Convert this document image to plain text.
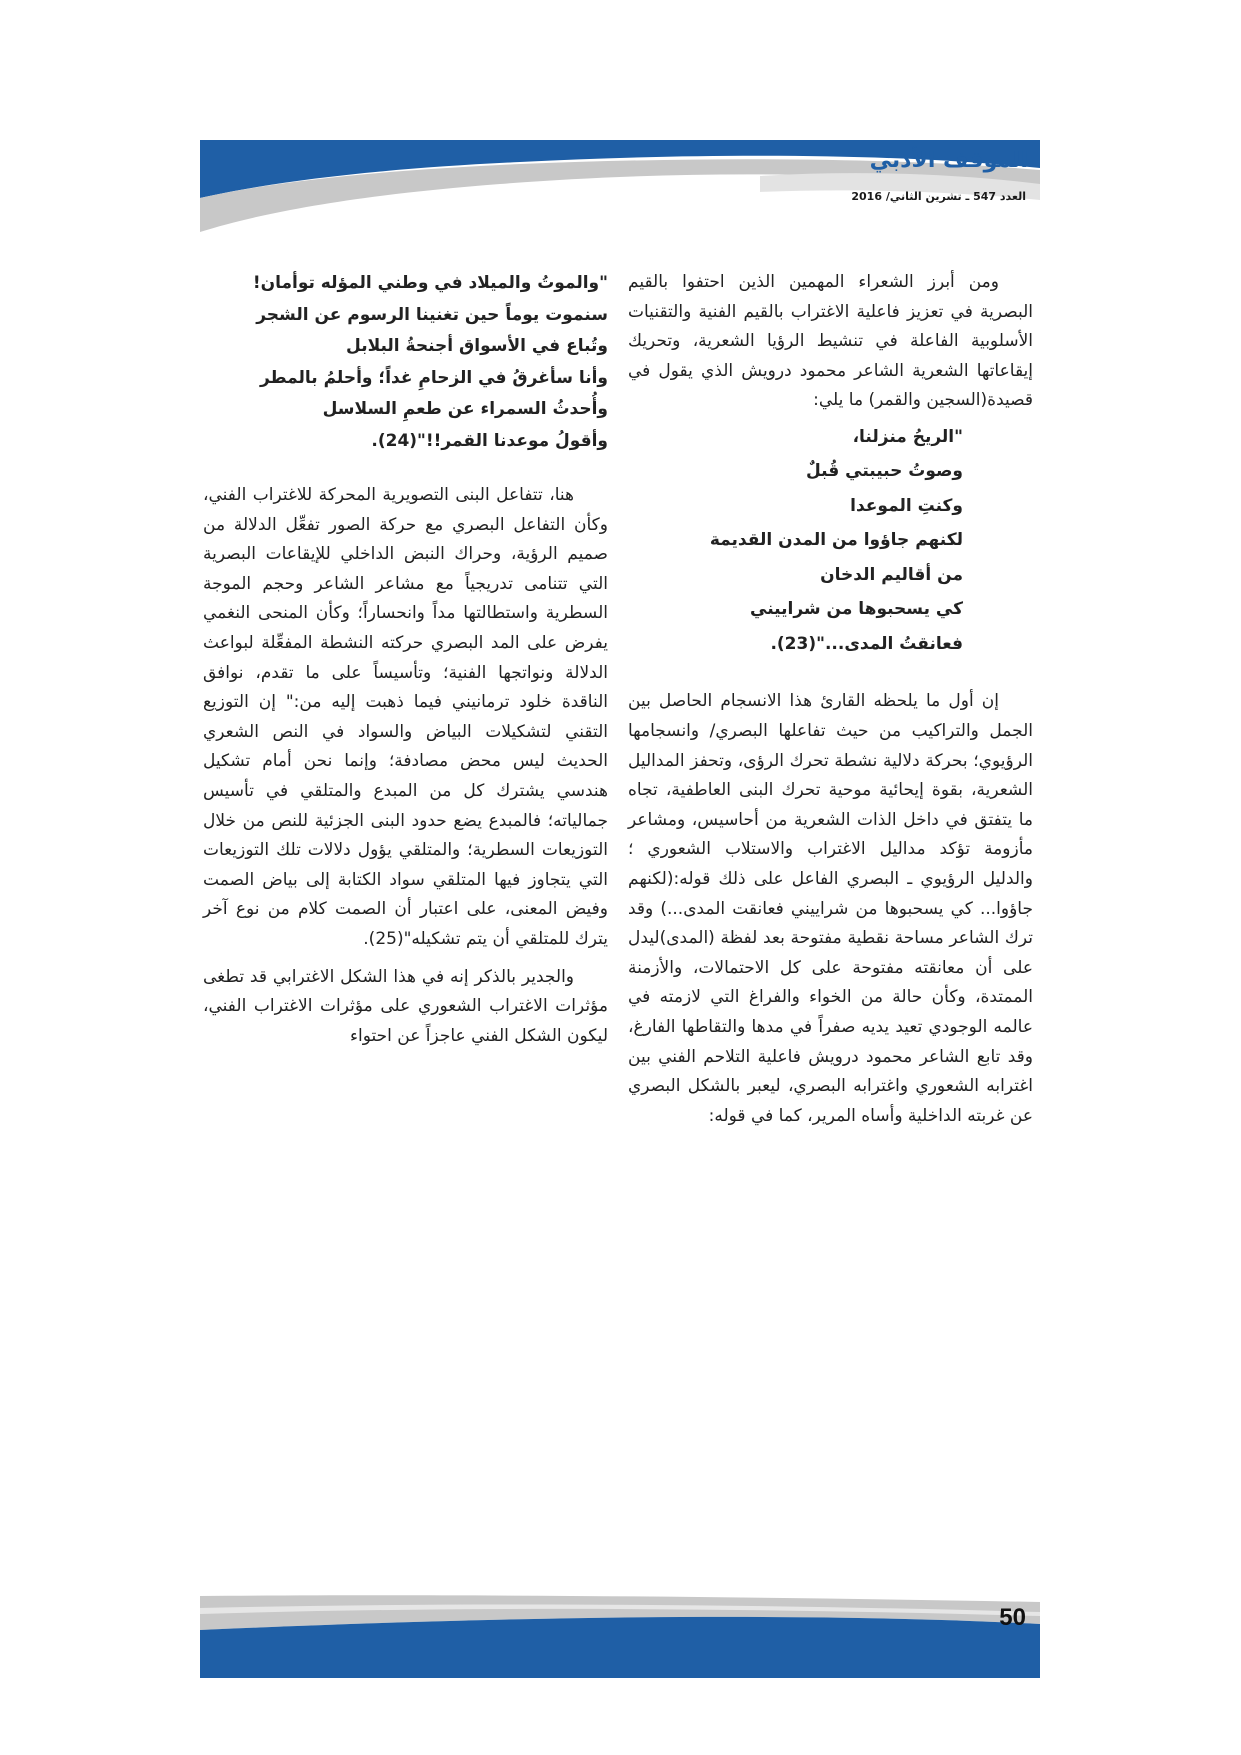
الموقف الأدبي
العدد 547 ـ تشرين الثاني/ 2016

ومن أبرز الشعراء المهمين الذين احتفوا بالقيم البصرية في تعزيز فاعلية الاغتراب بالقيم الفنية والتقنيات الأسلوبية الفاعلة في تنشيط الرؤيا الشعرية، وتحريك إيقاعاتها الشعرية الشاعر محمود درويش الذي يقول في قصيدة(السجين والقمر) ما يلي:

"الريحُ منزلنا،
وصوتُ حبيبتي قُبلٌ
وكنتِ الموعدا
لكنهم جاؤوا من المدن القديمة
من أقاليم الدخان
كي يسحبوها من شراييني
فعانقتُ المدى..."(23).

إن أول ما يلحظه القارئ هذا الانسجام الحاصل بين الجمل والتراكيب من حيث تفاعلها البصري/ وانسجامها الرؤيوي؛ بحركة دلالية نشطة تحرك الرؤى، وتحفز المداليل الشعرية، بقوة إيحائية موحية تحرك البنى العاطفية، تجاه ما يتفتق في داخل الذات الشعرية من أحاسيس، ومشاعر مأزومة تؤكد مداليل الاغتراب والاستلاب الشعوري ؛ والدليل الرؤيوي ـ البصري الفاعل على ذلك قوله:(لكنهم جاؤوا... كي يسحبوها من شراييني فعانقت المدى...) وقد ترك الشاعر مساحة نقطية مفتوحة بعد لفظة (المدى)ليدل على أن معانقته مفتوحة على كل الاحتمالات، والأزمنة الممتدة، وكأن حالة من الخواء والفراغ التي لازمته في عالمه الوجودي تعيد يديه صفراً في مدها والتقاطها الفارغ، وقد تابع الشاعر محمود درويش فاعلية التلاحم الفني بين اغترابه الشعوري واغترابه البصري، ليعبر بالشكل البصري عن غربته الداخلية وأساه المرير، كما في قوله:

"والموتُ والميلاد في وطني المؤله توأمان!
سنموت يوماً حين تغنينا الرسوم عن الشجر
وتُباع في الأسواق أجنحةُ البلابل
وأنا سأغرقُ في الزحامِ غداً؛ وأحلمُ بالمطر
وأُحدثُ السمراء عن طعمِ السلاسل
وأقولُ موعدنا القمر!!"(24).

هنا، تتفاعل البنى التصويرية المحركة للاغتراب الفني، وكأن التفاعل البصري مع حركة الصور تفعِّل الدلالة من صميم الرؤية، وحراك النبض الداخلي للإيقاعات البصرية التي تتنامى تدريجياً مع مشاعر الشاعر وحجم الموجة السطرية واستطالتها مداً وانحساراً؛ وكأن المنحى النغمي يفرض على المد البصري حركته النشطة المفعِّلة لبواعث الدلالة ونواتجها الفنية؛ وتأسيساً على ما تقدم، نوافق الناقدة خلود ترمانيني فيما ذهبت إليه من:" إن التوزيع التقني لتشكيلات البياض والسواد في النص الشعري الحديث ليس محض مصادفة؛ وإنما نحن أمام تشكيل هندسي يشترك كل من المبدع والمتلقي في تأسيس جمالياته؛ فالمبدع يضع حدود البنى الجزئية للنص من خلال التوزيعات السطرية؛ والمتلقي يؤول دلالات تلك التوزيعات التي يتجاوز فيها المتلقي سواد الكتابة إلى بياض الصمت وفيض المعنى، على اعتبار أن الصمت كلام من نوع آخر يترك للمتلقي أن يتم تشكيله"(25).

والجدير بالذكر إنه في هذا الشكل الاغترابي قد تطغى مؤثرات الاغتراب الشعوري على مؤثرات الاغتراب الفني، ليكون الشكل الفني عاجزاً عن احتواء

50
